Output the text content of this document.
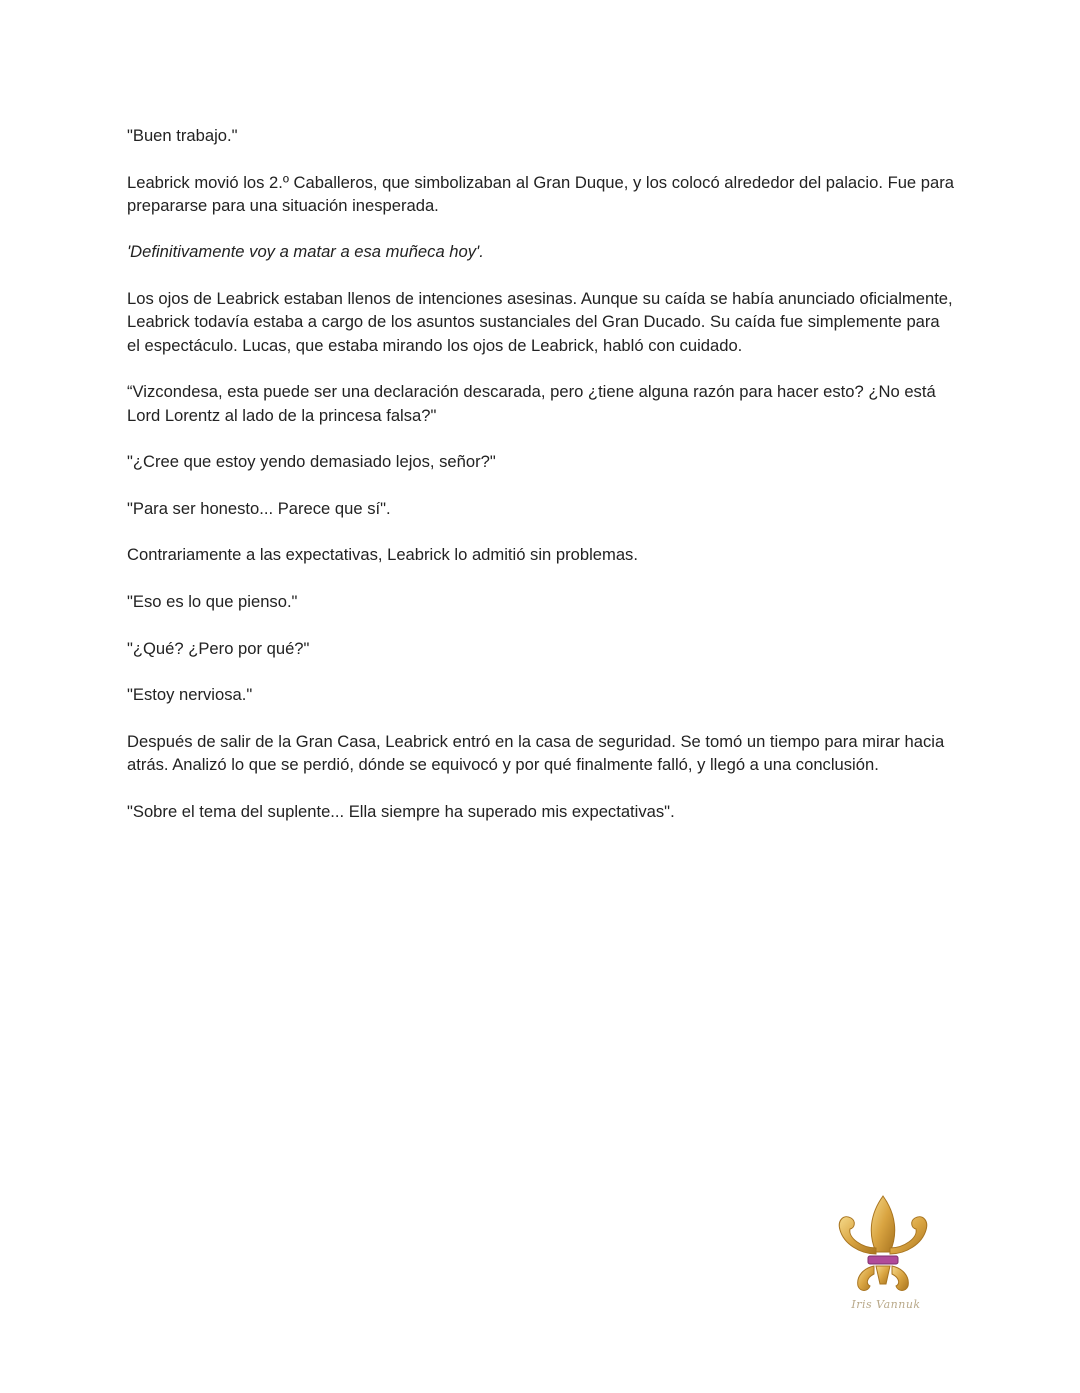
"Buen trabajo."

Leabrick movió los 2.º Caballeros, que simbolizaban al Gran Duque, y los colocó alrededor del palacio. Fue para prepararse para una situación inesperada.

'Definitivamente voy a matar a esa muñeca hoy'.

Los ojos de Leabrick estaban llenos de intenciones asesinas. Aunque su caída se había anunciado oficialmente, Leabrick todavía estaba a cargo de los asuntos sustanciales del Gran Ducado. Su caída fue simplemente para el espectáculo. Lucas, que estaba mirando los ojos de Leabrick, habló con cuidado.

“Vizcondesa, esta puede ser una declaración descarada, pero ¿tiene alguna razón para hacer esto? ¿No está Lord Lorentz al lado de la princesa falsa?"

"¿Cree que estoy yendo demasiado lejos, señor?"

"Para ser honesto... Parece que sí".

Contrariamente a las expectativas, Leabrick lo admitió sin problemas.

"Eso es lo que pienso."

"¿Qué? ¿Pero por qué?"

"Estoy nerviosa."

Después de salir de la Gran Casa, Leabrick entró en la casa de seguridad. Se tomó un tiempo para mirar hacia atrás. Analizó lo que se perdió, dónde se equivocó y por qué finalmente falló, y llegó a una conclusión.

"Sobre el tema del suplente... Ella siempre ha superado mis expectativas".

Iris Vannuk
